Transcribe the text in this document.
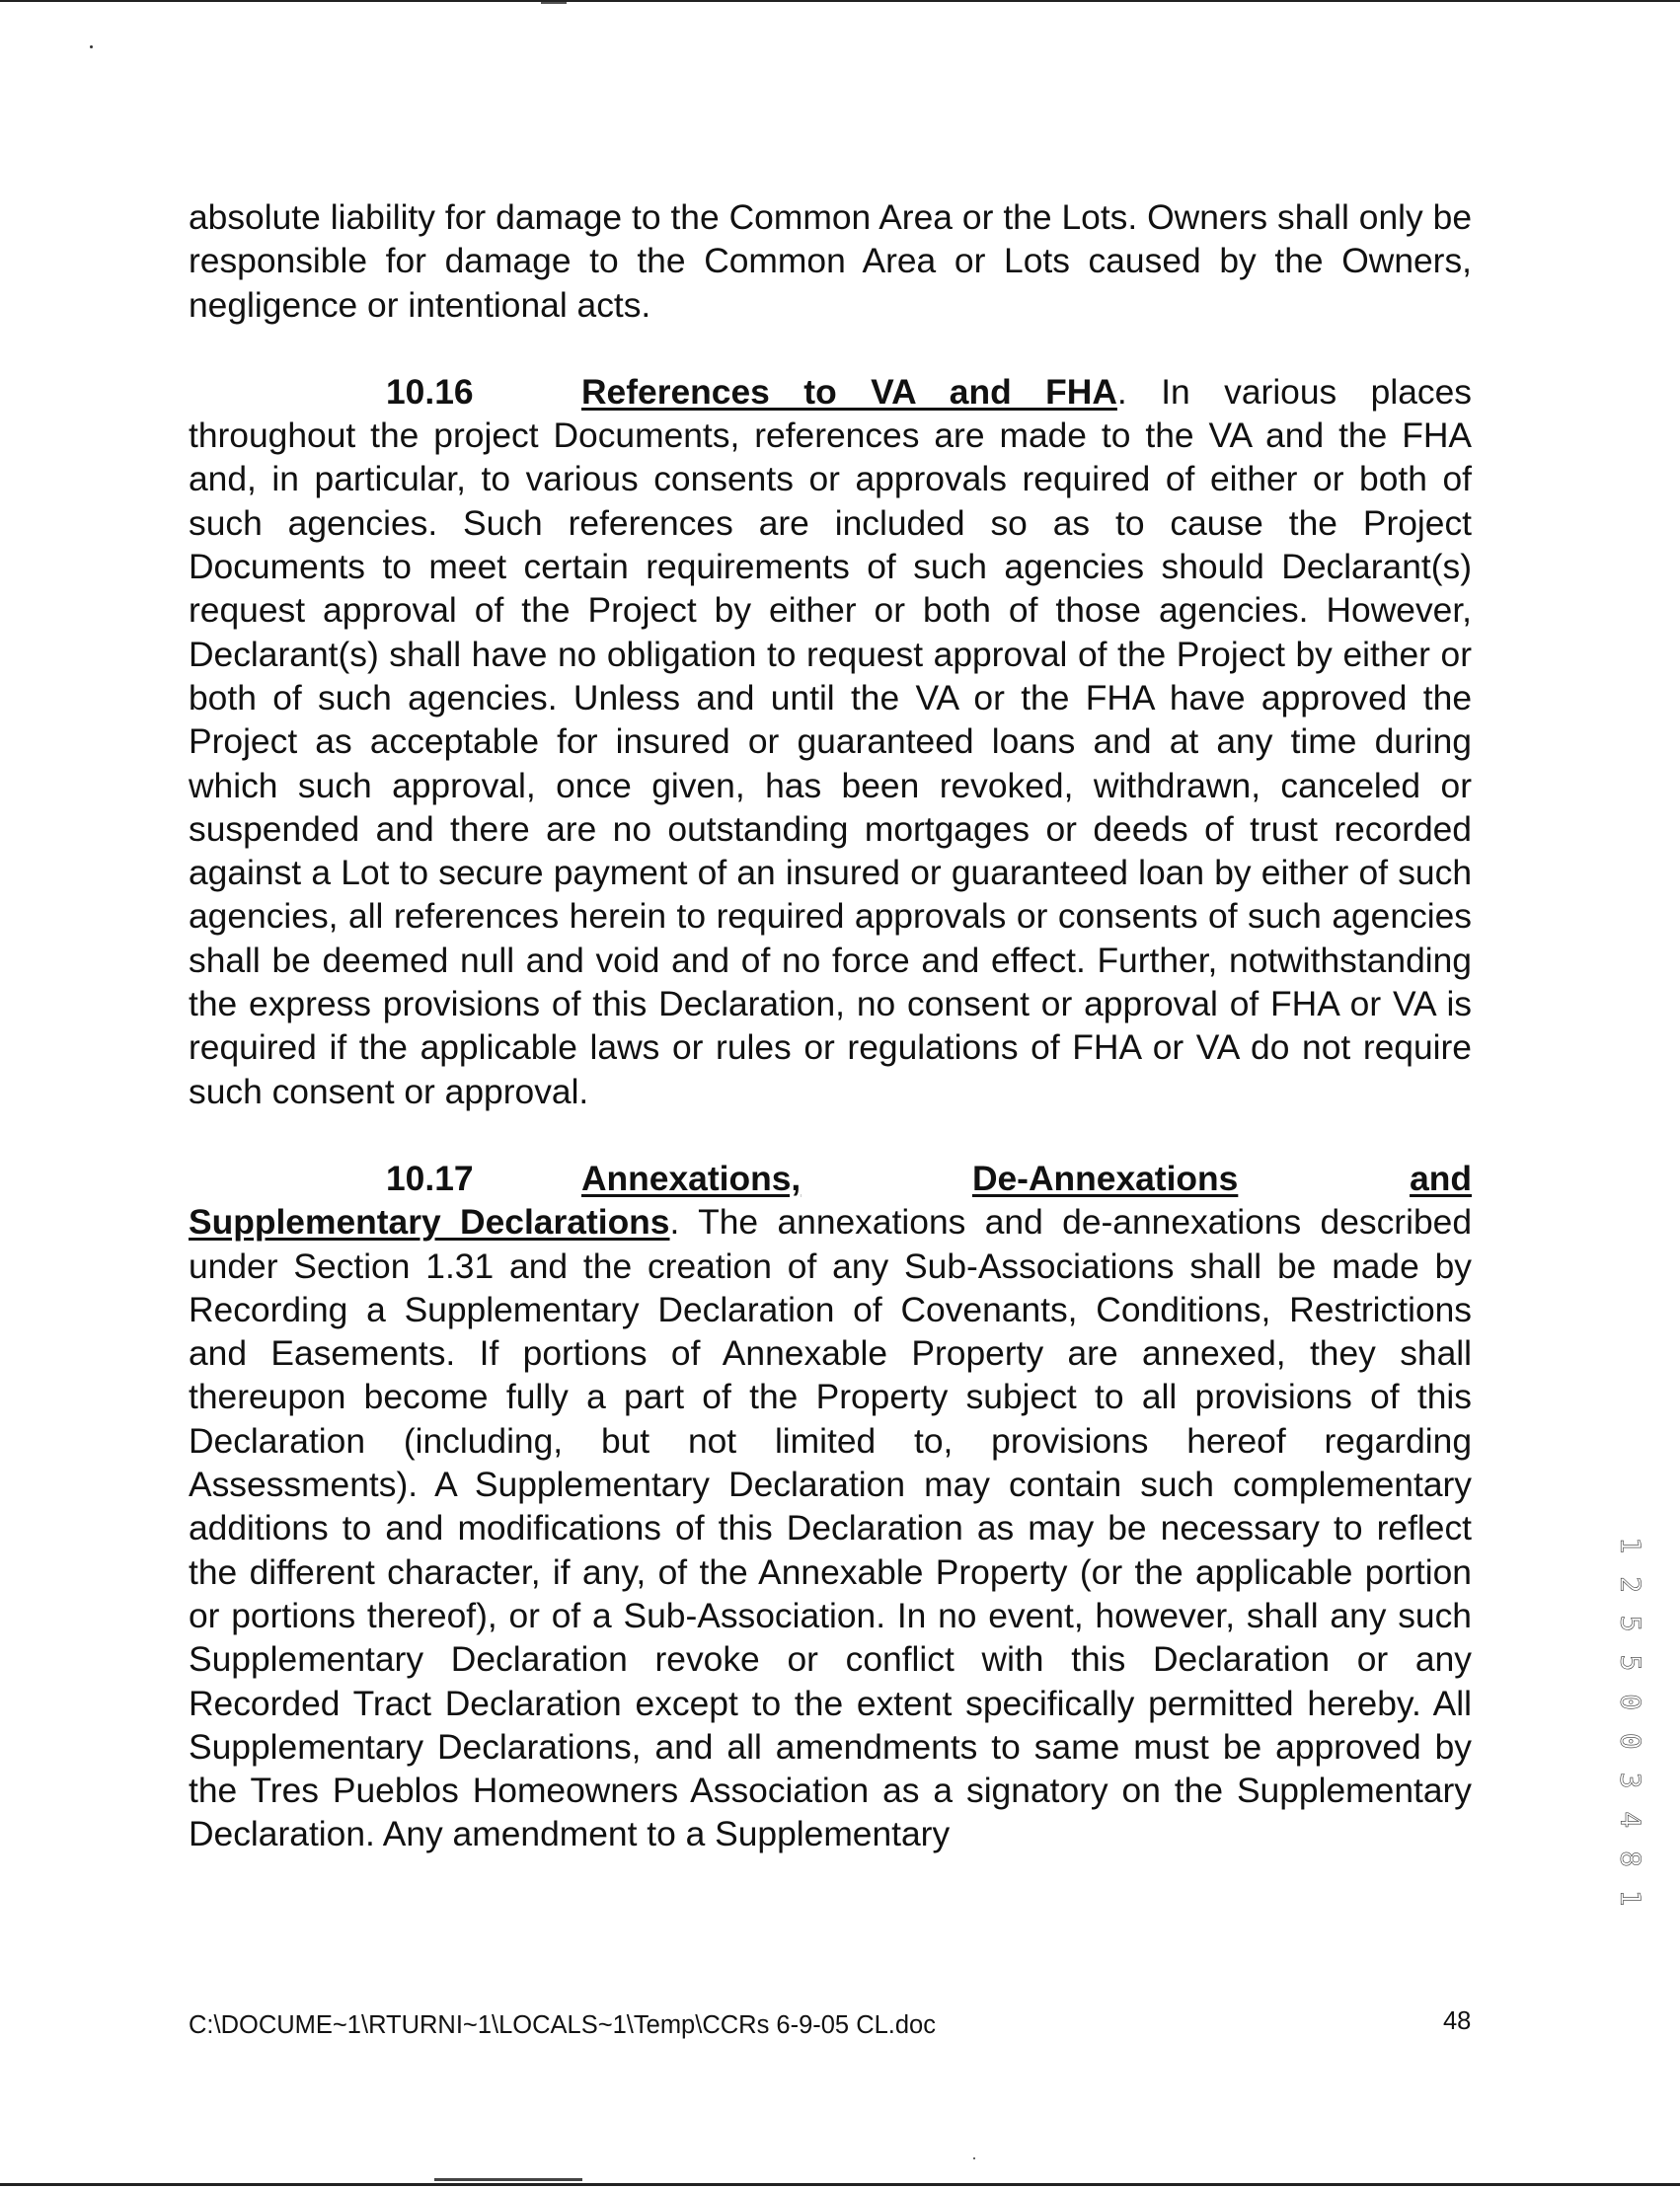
absolute liability for damage to the Common Area or the Lots. Owners shall only be responsible for damage to the Common Area or Lots caused by the Owners, negligence or intentional acts.

10.16	References to VA and FHA. In various places throughout the project Documents, references are made to the VA and the FHA and, in particular, to various consents or approvals required of either or both of such agencies. Such references are included so as to cause the Project Documents to meet certain requirements of such agencies should Declarant(s) request approval of the Project by either or both of those agencies. However, Declarant(s) shall have no obligation to request approval of the Project by either or both of such agencies. Unless and until the VA or the FHA have approved the Project as acceptable for insured or guaranteed loans and at any time during which such approval, once given, has been revoked, withdrawn, canceled or suspended and there are no outstanding mortgages or deeds of trust recorded against a Lot to secure payment of an insured or guaranteed loan by either of such agencies, all references herein to required approvals or consents of such agencies shall be deemed null and void and of no force and effect. Further, notwithstanding the express provisions of this Declaration, no consent or approval of FHA or VA is required if the applicable laws or rules or regulations of FHA or VA do not require such consent or approval.

10.17	Annexations,	De-Annexations	and

Supplementary Declarations. The annexations and de-annexations described under Section 1.31 and the creation of any Sub-Associations shall be made by Recording a Supplementary Declaration of Covenants, Conditions, Restrictions and Easements. If portions of Annexable Property are annexed, they shall thereupon become fully a part of the Property subject to all provisions of this Declaration (including, but not limited to, provisions hereof regarding Assessments). A Supplementary Declaration may contain such complementary additions to and modifications of this Declaration as may be necessary to reflect the different character, if any, of the Annexable Property (or the applicable portion or portions thereof), or of a Sub-Association. In no event, however, shall any such Supplementary Declaration revoke or conflict with this Declaration or any Recorded Tract Declaration except to the extent specifically permitted hereby. All Supplementary Declarations, and all amendments to same must be approved by the Tres Pueblos Homeowners Association as a signatory on the Supplementary Declaration. Any amendment to a Supplementary	1 2 5 5 0 0 3 4 8 1
C:\DOCUME~1\RTURNI~1\LOCALS~1\Temp\CCRs 6-9-05 CL.doc	48
